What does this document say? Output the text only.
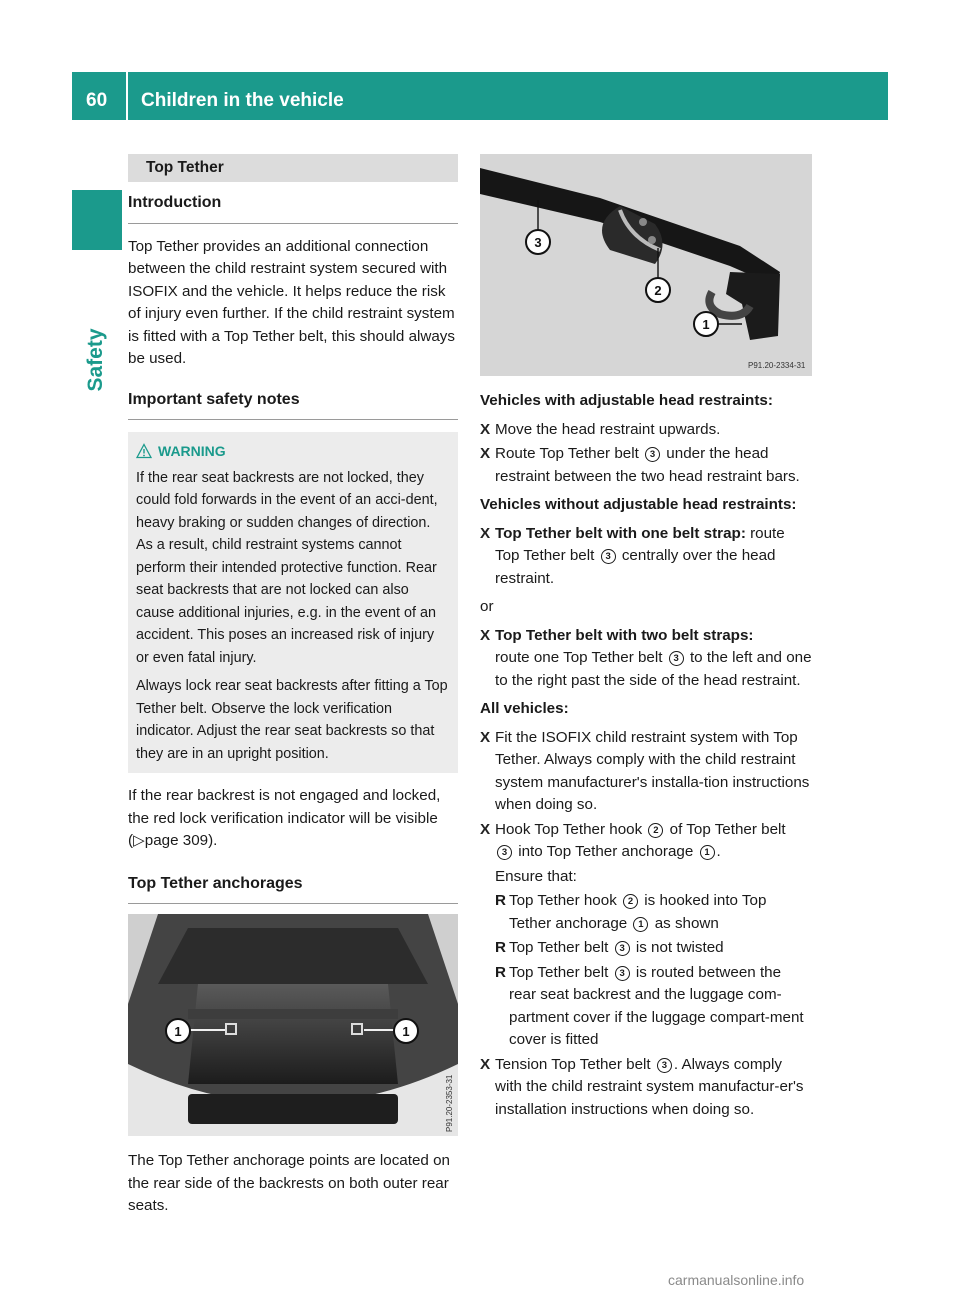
60 Children in the vehicle
Safety
Top Tether
Introduction

Top Tether provides an additional connection between the child restraint system secured with ISOFIX and the vehicle. It helps reduce the risk of injury even further. If the child restraint system is fitted with a Top Tether belt, this should always be used.

Important safety notes
WARNING

If the rear seat backrests are not locked, they could fold forwards in the event of an acci-dent, heavy braking or sudden changes of direction. As a result, child restraint systems cannot perform their intended protective function. Rear seat backrests that are not locked can also cause additional injuries, e.g. in the event of an accident. This poses an increased risk of injury or even fatal injury.

Always lock rear seat backrests after fitting a Top Tether belt. Observe the lock verification indicator. Adjust the rear seat backrests so that they are in an upright position.

If the rear backrest is not engaged and locked, the red lock verification indicator will be visible (▷page 309).

Top Tether anchorages
1	1
P91.20-2353-31

The Top Tether anchorage points are located on the rear side of the backrests on both outer rear seats.

3
2
1
P91.20-2334-31

Vehicles with adjustable head restraints:

X Move the head restraint upwards.
X Route Top Tether belt 3 under the head restraint between the two head restraint bars.

Vehicles without adjustable head restraints:

X Top Tether belt with one belt strap: route Top Tether belt 3 centrally over the head restraint.

or

X Top Tether belt with two belt straps:
route one Top Tether belt 3 to the left and one to the right past the side of the head restraint.

All vehicles:

X Fit the ISOFIX child restraint system with Top Tether. Always comply with the child restraint system manufacturer's installa-tion instructions when doing so.
X Hook Top Tether hook 2 of Top Tether belt
3 into Top Tether anchorage 1 .

Ensure that:

R Top Tether hook 2 is hooked into Top Tether anchorage 1 as shown
R Top Tether belt 3 is not twisted
R Top Tether belt 3 is routed between the rear seat backrest and the luggage com-partment cover if the luggage compart-ment cover is fitted
X Tension Top Tether belt 3 . Always comply with the child restraint system manufactur-er's installation instructions when doing so.
carmanualsonline.info
